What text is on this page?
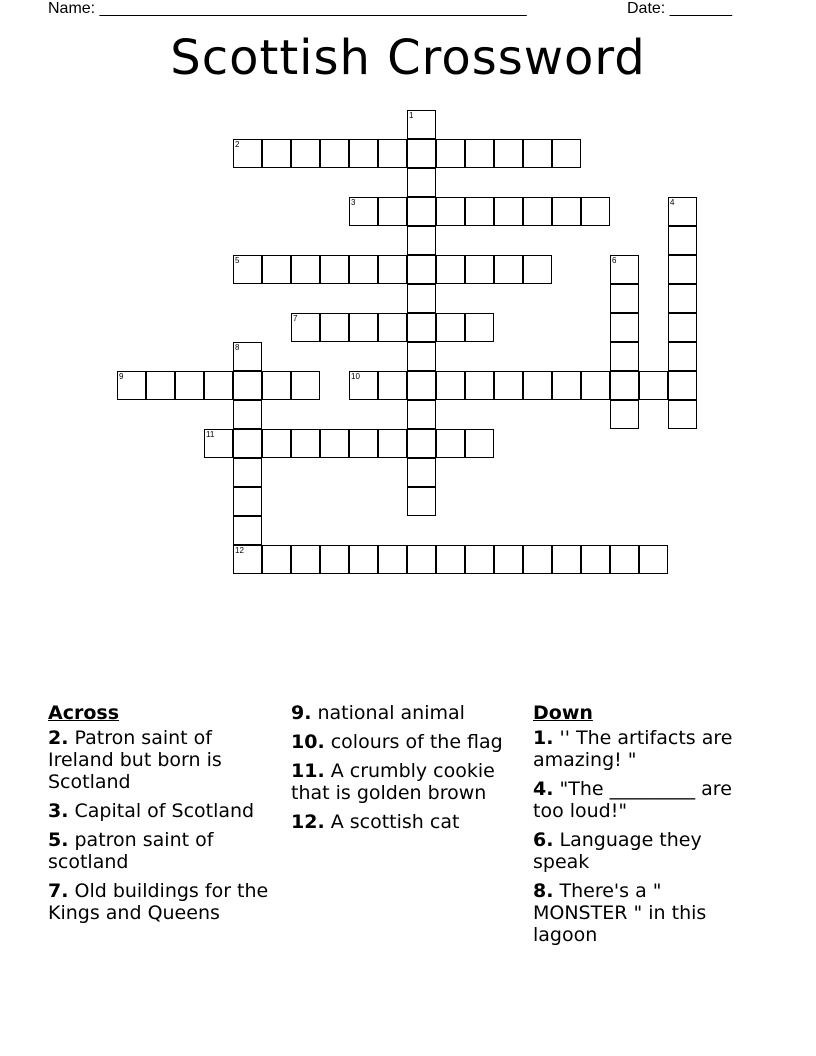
Name: ________________________________________________	Date: _______
Scottish Crossword
1
2
3	4
5	6
7
8
9	10
11
12
Across
2. Patron saint of Ireland but born is Scotland
3. Capital of Scotland
5. patron saint of scotland
7. Old buildings for the Kings and Queens
9. national animal
10. colours of the flag
11. A crumbly cookie that is golden brown
12. A scottish cat
Down
1. '' The artifacts are amazing! "
4. "The _________ are too loud!"
6. Language they speak
8. There's a " MONSTER " in this lagoon
